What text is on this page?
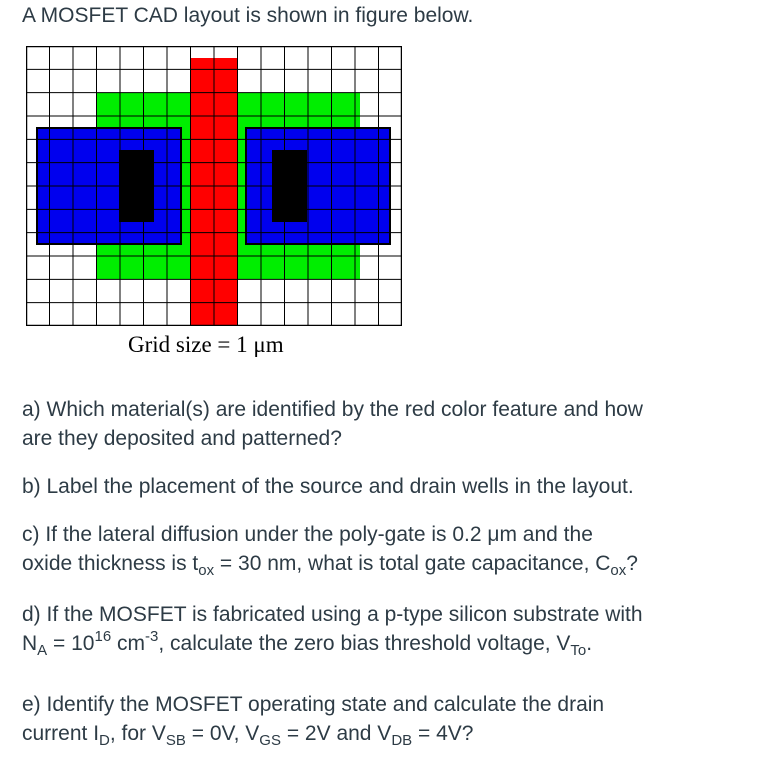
A MOSFET CAD layout is shown in figure below.

Grid size = 1 μm

a) Which material(s) are identified by the red color feature and how
are they deposited and patterned?

b) Label the placement of the source and drain wells in the layout.

c) If the lateral diffusion under the poly-gate is 0.2 μm and the
oxide thickness is $t_{ox} = 30$ nm, what is total gate capacitance, $C_{ox}$?

d) If the MOSFET is fabricated using a p-type silicon substrate with
$N_A = 10^{16}$ $cm^{-3}$, calculate the zero bias threshold voltage, $V_{To}$.

e) Identify the MOSFET operating state and calculate the drain
current $I_D$, for $V_{SB} = 0V$, $V_{GS} = 2V$ and $V_{DB} = 4V$?
